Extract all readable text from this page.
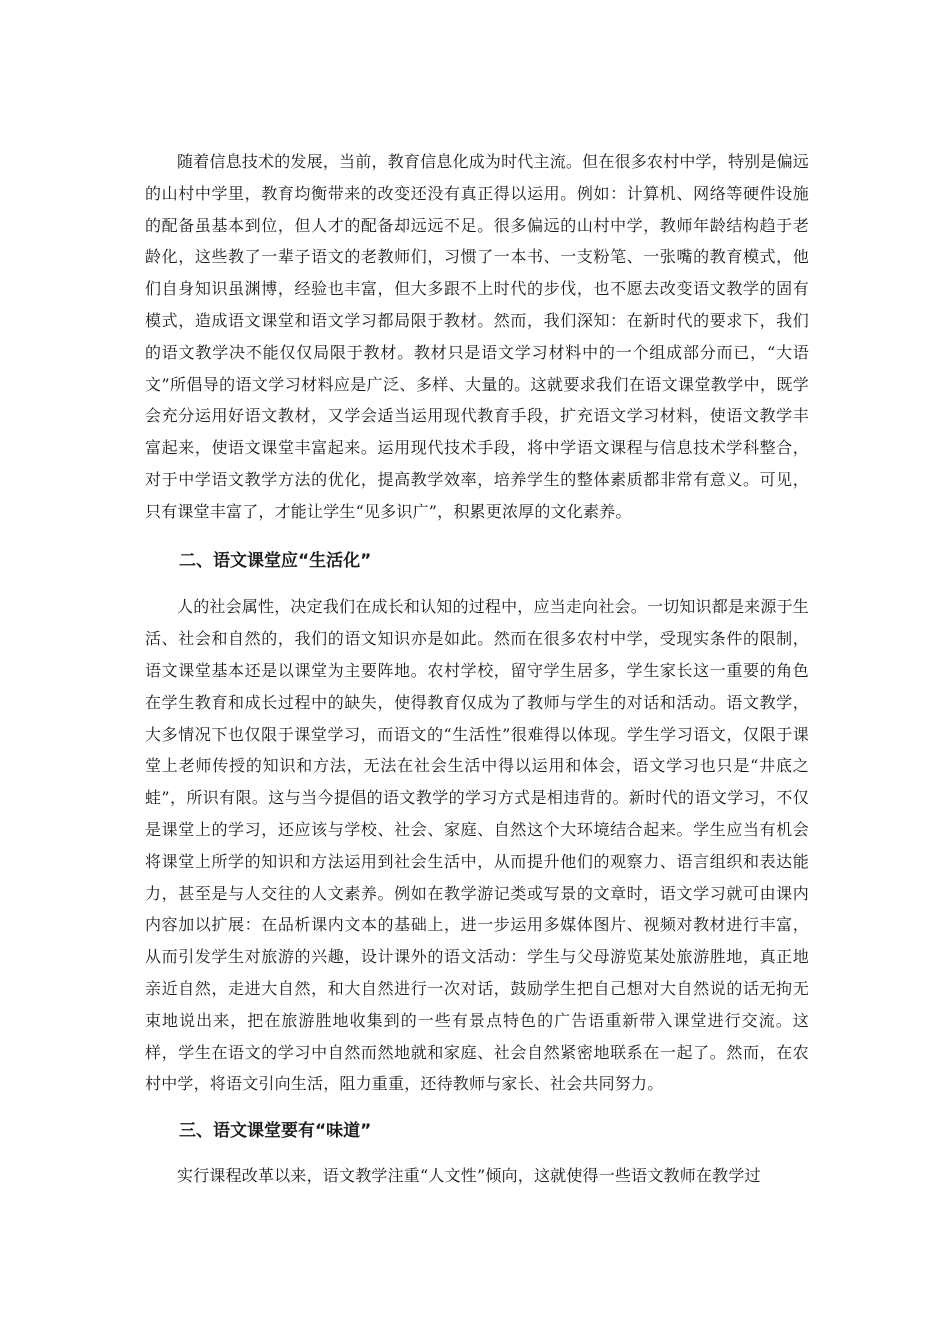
随着信息技术的发展，当前，教育信息化成为时代主流。但在很多农村中学，特别是偏远的山村中学里，教育均衡带来的改变还没有真正得以运用。例如：计算机、网络等硬件设施的配备虽基本到位，但人才的配备却远远不足。很多偏远的山村中学，教师年龄结构趋于老龄化，这些教了一辈子语文的老教师们，习惯了一本书、一支粉笔、一张嘴的教育模式，他们自身知识虽渊博，经验也丰富，但大多跟不上时代的步伐，也不愿去改变语文教学的固有模式，造成语文课堂和语文学习都局限于教材。然而，我们深知：在新时代的要求下，我们的语文教学决不能仅仅局限于教材。教材只是语文学习材料中的一个组成部分而已，“大语文”所倡导的语文学习材料应是广泛、多样、大量的。这就要求我们在语文课堂教学中，既学会充分运用好语文教材，又学会适当运用现代教育手段，扩充语文学习材料，使语文教学丰富起来，使语文课堂丰富起来。运用现代技术手段，将中学语文课程与信息技术学科整合，对于中学语文教学方法的优化，提高教学效率，培养学生的整体素质都非常有意义。可见，只有课堂丰富了，才能让学生“见多识广”，积累更浓厚的文化素养。

二、语文课堂应“生活化”

人的社会属性，决定我们在成长和认知的过程中，应当走向社会。一切知识都是来源于生活、社会和自然的，我们的语文知识亦是如此。然而在很多农村中学，受现实条件的限制，语文课堂基本还是以课堂为主要阵地。农村学校，留守学生居多，学生家长这一重要的角色在学生教育和成长过程中的缺失，使得教育仅成为了教师与学生的对话和活动。语文教学，大多情况下也仅限于课堂学习，而语文的“生活性”很难得以体现。学生学习语文，仅限于课堂上老师传授的知识和方法，无法在社会生活中得以运用和体会，语文学习也只是“井底之蛙”，所识有限。这与当今提倡的语文教学的学习方式是相违背的。新时代的语文学习，不仅是课堂上的学习，还应该与学校、社会、家庭、自然这个大环境结合起来。学生应当有机会将课堂上所学的知识和方法运用到社会生活中，从而提升他们的观察力、语言组织和表达能力，甚至是与人交往的人文素养。例如在教学游记类或写景的文章时，语文学习就可由课内内容加以扩展：在品析课内文本的基础上，进一步运用多媒体图片、视频对教材进行丰富，从而引发学生对旅游的兴趣，设计课外的语文活动：学生与父母游览某处旅游胜地，真正地亲近自然，走进大自然，和大自然进行一次对话，鼓励学生把自己想对大自然说的话无拘无束地说出来，把在旅游胜地收集到的一些有景点特色的广告语重新带入课堂进行交流。这样，学生在语文的学习中自然而然地就和家庭、社会自然紧密地联系在一起了。然而，在农村中学，将语文引向生活，阻力重重，还待教师与家长、社会共同努力。

三、语文课堂要有“味道”

实行课程改革以来，语文教学注重“人文性”倾向，这就使得一些语文教师在教学过
